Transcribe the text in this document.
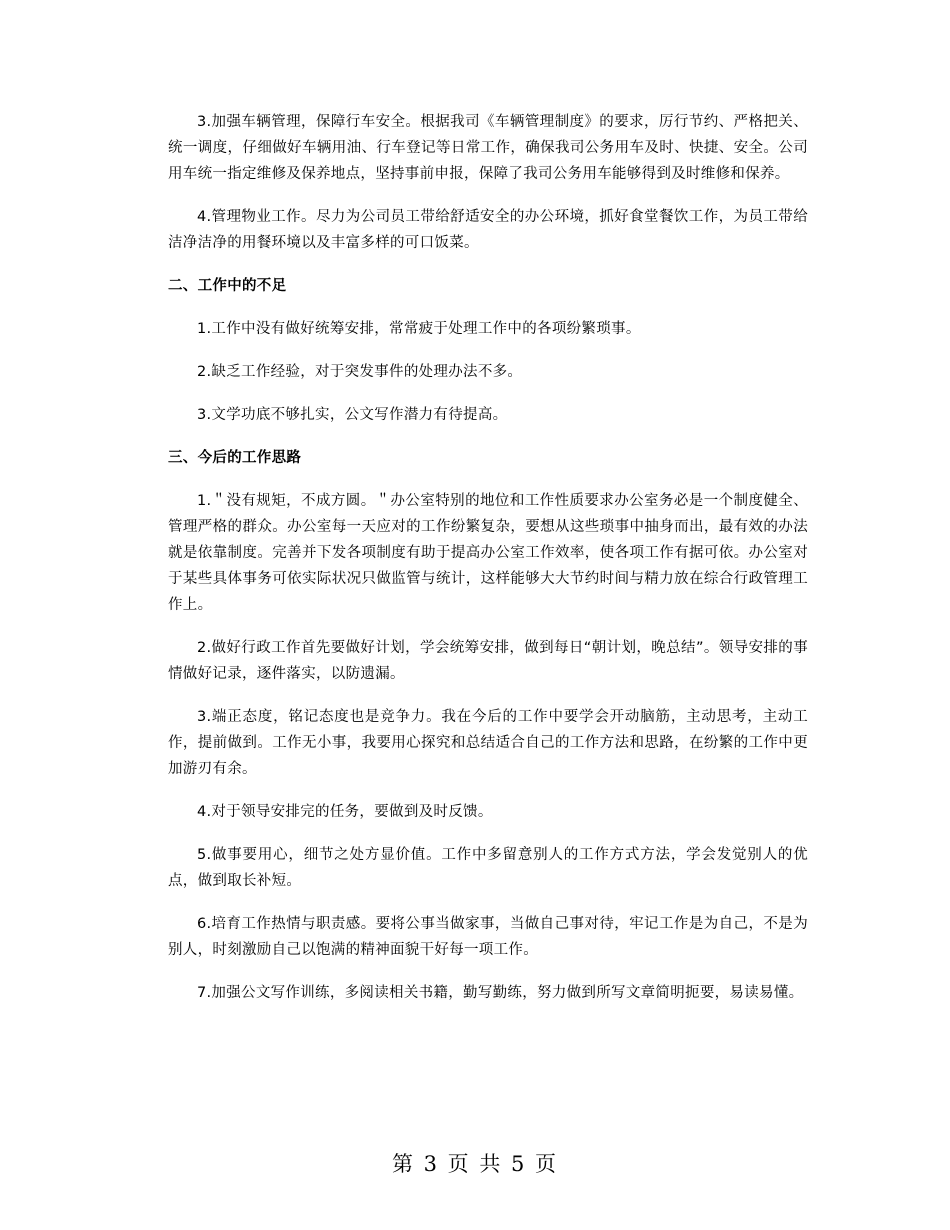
3.加强车辆管理，保障行车安全。根据我司《车辆管理制度》的要求，厉行节约、严格把关、统一调度，仔细做好车辆用油、行车登记等日常工作，确保我司公务用车及时、快捷、安全。公司用车统一指定维修及保养地点，坚持事前申报，保障了我司公务用车能够得到及时维修和保养。

4.管理物业工作。尽力为公司员工带给舒适安全的办公环境，抓好食堂餐饮工作，为员工带给洁净洁净的用餐环境以及丰富多样的可口饭菜。

二、工作中的不足

1.工作中没有做好统筹安排，常常疲于处理工作中的各项纷繁琐事。

2.缺乏工作经验，对于突发事件的处理办法不多。

3.文学功底不够扎实，公文写作潜力有待提高。

三、今后的工作思路

1.＂没有规矩，不成方圆。＂办公室特别的地位和工作性质要求办公室务必是一个制度健全、管理严格的群众。办公室每一天应对的工作纷繁复杂，要想从这些琐事中抽身而出，最有效的办法就是依靠制度。完善并下发各项制度有助于提高办公室工作效率，使各项工作有据可依。办公室对于某些具体事务可依实际状况只做监管与统计，这样能够大大节约时间与精力放在综合行政管理工作上。

2.做好行政工作首先要做好计划，学会统筹安排，做到每日“朝计划，晚总结”。领导安排的事情做好记录，逐件落实，以防遗漏。

3.端正态度，铭记态度也是竞争力。我在今后的工作中要学会开动脑筋，主动思考，主动工作，提前做到。工作无小事，我要用心探究和总结适合自己的工作方法和思路，在纷繁的工作中更加游刃有余。

4.对于领导安排完的任务，要做到及时反馈。

5.做事要用心，细节之处方显价值。工作中多留意别人的工作方式方法，学会发觉别人的优点，做到取长补短。

6.培育工作热情与职责感。要将公事当做家事，当做自己事对待，牢记工作是为自己，不是为别人，时刻激励自己以饱满的精神面貌干好每一项工作。

7.加强公文写作训练，多阅读相关书籍，勤写勤练，努力做到所写文章简明扼要，易读易懂。

第 3 页 共 5 页
